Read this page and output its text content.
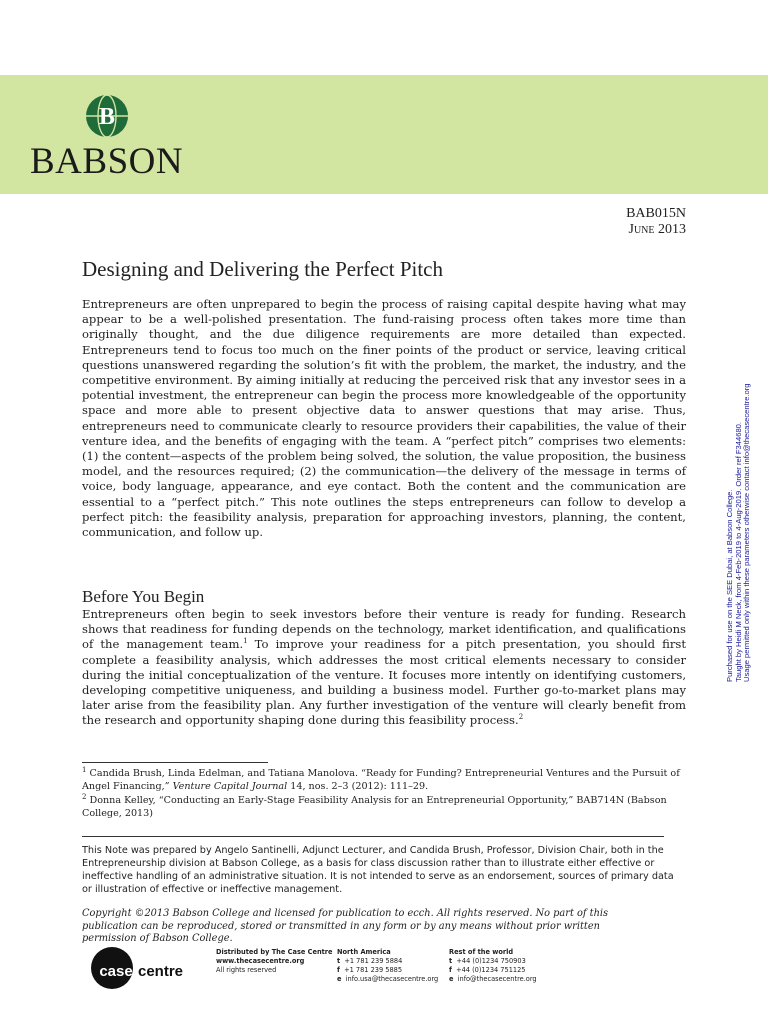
B
BABSON
BAB015N
June 2013
Designing and Delivering the Perfect Pitch

Entrepreneurs are often unprepared to begin the process of raising capital despite having what may appear to be a well-polished presentation. The fund-raising process often takes more time than originally thought, and the due diligence requirements are more detailed than expected. Entrepreneurs tend to focus too much on the finer points of the product or service, leaving critical questions unanswered regarding the solution’s fit with the problem, the market, the industry, and the competitive environment. By aiming initially at reducing the perceived risk that any investor sees in a potential investment, the entrepreneur can begin the process more knowledgeable of the opportunity space and more able to present objective data to answer questions that may arise. Thus, entrepreneurs need to communicate clearly to resource providers their capabilities, the value of their venture idea, and the benefits of engaging with the team. A “perfect pitch” comprises two elements: (1) the content—aspects of the problem being solved, the solution, the value proposition, the business model, and the resources required; (2) the communication—the delivery of the message in terms of voice, body language, appearance, and eye contact. Both the content and the communication are essential to a “perfect pitch.” This note outlines the steps entrepreneurs can follow to develop a perfect pitch: the feasibility analysis, preparation for approaching investors, planning, the content, communication, and follow up.

Before You Begin

Entrepreneurs often begin to seek investors before their venture is ready for funding. Research shows that readiness for funding depends on the technology, market identification, and qualifications of the management team.$^1$ To improve your readiness for a pitch presentation, you should first complete a feasibility analysis, which addresses the most critical elements necessary to consider during the initial conceptualization of the venture. It focuses more intently on identifying customers, developing competitive uniqueness, and building a business model. Further go-to-market plans may later arise from the feasibility plan. Any further investigation of the venture will clearly benefit from the research and opportunity shaping done during this feasibility process.$^2$

$^1$ Candida Brush, Linda Edelman, and Tatiana Manolova. “Ready for Funding? Entrepreneurial Ventures and the Pursuit of Angel Financing,” Venture Capital Journal 14, nos. 2–3 (2012): 111–29.

$^2$ Donna Kelley, “Conducting an Early-Stage Feasibility Analysis for an Entrepreneurial Opportunity,” BAB714N (Babson College, 2013)

This Note was prepared by Angelo Santinelli, Adjunct Lecturer, and Candida Brush, Professor, Division Chair, both in the Entrepreneurship division at Babson College, as a basis for class discussion rather than to illustrate either effective or ineffective handling of an administrative situation. It is not intended to serve as an endorsement, sources of primary data or illustration of effective or ineffective management.

Copyright ©2013 Babson College and licensed for publication to ecch. All rights reserved. No part of this publication can be reproduced, stored or transmitted in any form or by any means without prior written permission of Babson College.

case centre
Distributed by The Case Centre
www.thecasecentre.org
All rights reserved
North America
t +1 781 239 5884
f +1 781 239 5885
e info.usa@thecasecentre.org
Rest of the world
t +44 (0)1234 750903
f +44 (0)1234 751125
e info@thecasecentre.org
Purchased for use on the SEE Dubai, at Babson College. Taught by Heidi M Neck, from 4-Feb-2019 to 4-Aug-2019. Order ref F344680. Usage permitted only within these parameters otherwise contact info@thecasecentre.org
